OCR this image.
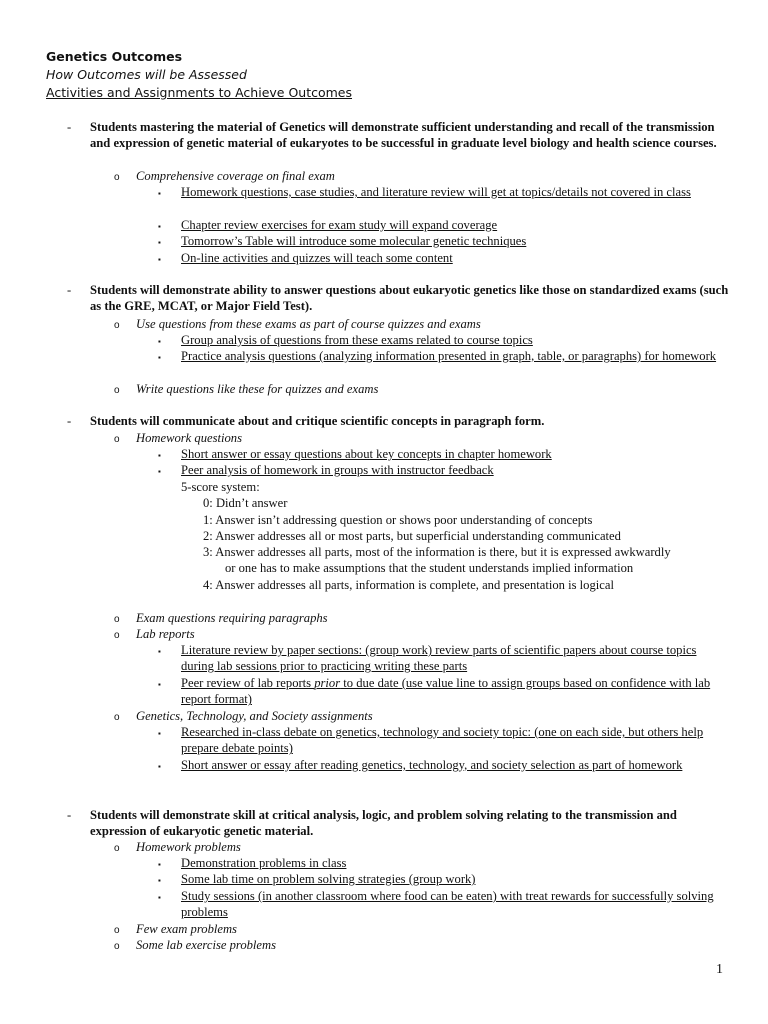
Genetics Outcomes
How Outcomes will be Assessed
Activities and Assignments to Achieve Outcomes
- Students mastering the material of Genetics will demonstrate sufficient understanding and recall of the transmission and expression of genetic material of eukaryotes to be successful in graduate level biology and health science courses.
o Comprehensive coverage on final exam
▪ Homework questions, case studies, and literature review will get at topics/details not covered in class
▪ Chapter review exercises for exam study will expand coverage
▪ Tomorrow’s Table will introduce some molecular genetic techniques
▪ On-line activities and quizzes will teach some content
- Students will demonstrate ability to answer questions about eukaryotic genetics like those on standardized exams (such as the GRE, MCAT, or Major Field Test).
o Use questions from these exams as part of course quizzes and exams
▪ Group analysis of questions from these exams related to course topics
▪ Practice analysis questions (analyzing information presented in graph, table, or paragraphs) for homework
o Write questions like these for quizzes and exams
- Students will communicate about and critique scientific concepts in paragraph form.
o Homework questions
▪ Short answer or essay questions about key concepts in chapter homework
▪ Peer analysis of homework in groups with instructor feedback
5-score system:
0: Didn’t answer
1: Answer isn’t addressing question or shows poor understanding of concepts
2: Answer addresses all or most parts, but superficial understanding communicated
3: Answer addresses all parts, most of the information is there, but it is expressed awkwardly
or one has to make assumptions that the student understands implied information
4: Answer addresses all parts, information is complete, and presentation is logical
o Exam questions requiring paragraphs
o Lab reports
▪ Literature review by paper sections: (group work) review parts of scientific papers about course topics during lab sessions prior to practicing writing these parts
▪ Peer review of lab reports prior to due date (use value line to assign groups based on confidence with lab report format)
o Genetics, Technology, and Society assignments
▪ Researched in-class debate on genetics, technology and society topic: (one on each side, but others help prepare debate points)
▪ Short answer or essay after reading genetics, technology, and society selection as part of homework
- Students will demonstrate skill at critical analysis, logic, and problem solving relating to the transmission and expression of eukaryotic genetic material.
o Homework problems
▪ Demonstration problems in class
▪ Some lab time on problem solving strategies (group work)
▪ Study sessions (in another classroom where food can be eaten) with treat rewards for successfully solving problems
o Few exam problems
o Some lab exercise problems
1
